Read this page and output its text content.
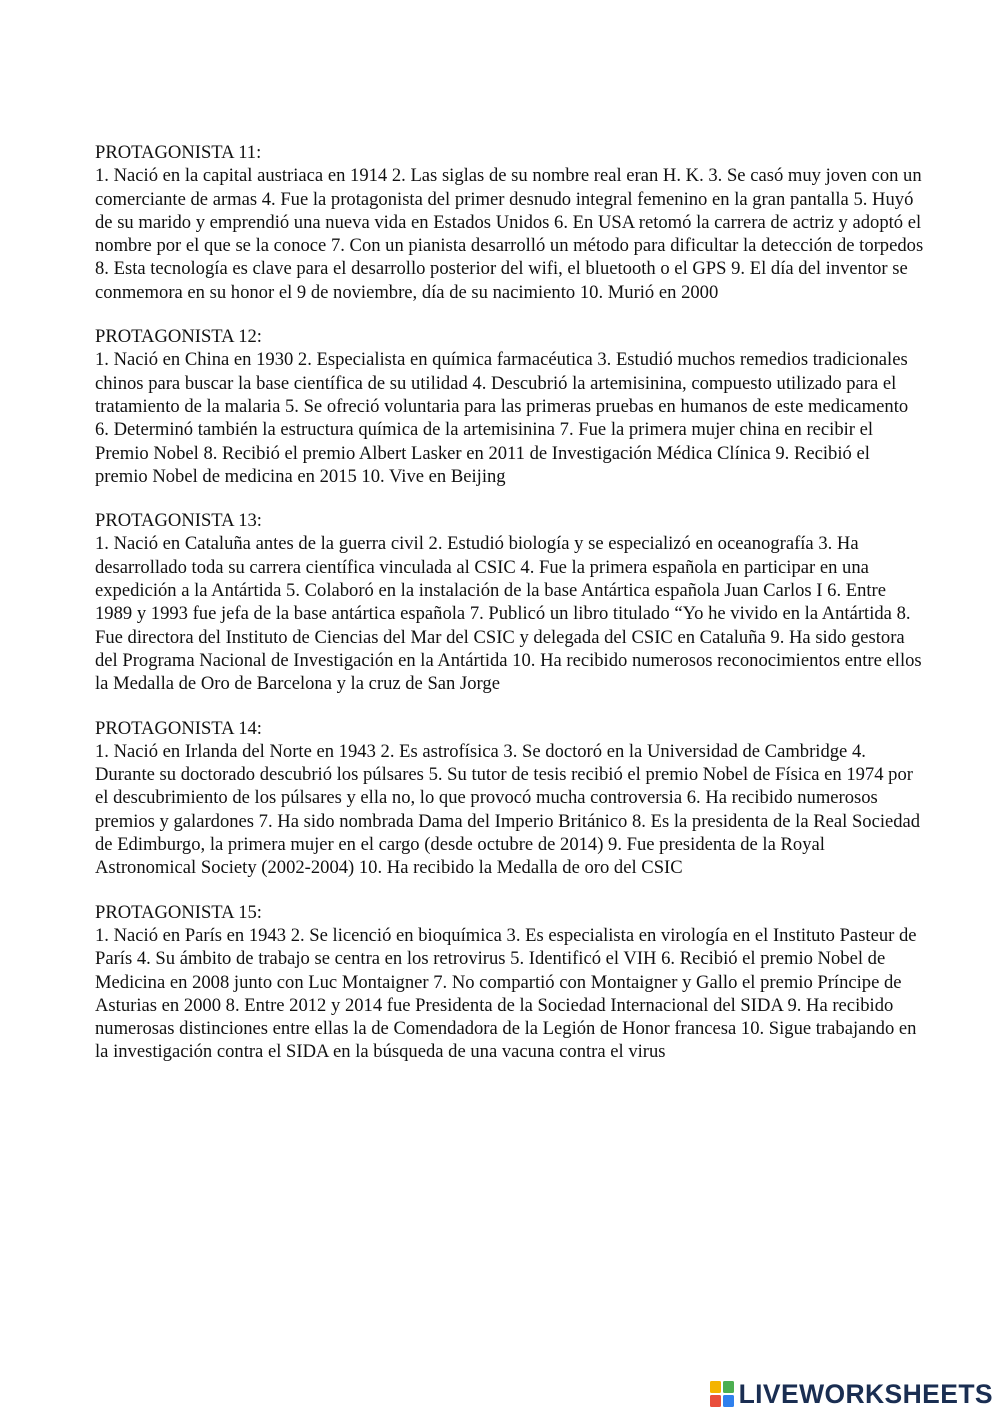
PROTAGONISTA 11:

1. Nació en la capital austriaca en 1914 2. Las siglas de su nombre real eran H. K. 3. Se casó muy joven con un comerciante de armas 4. Fue la protagonista del primer desnudo integral femenino en la gran pantalla 5. Huyó de su marido y emprendió una nueva vida en Estados Unidos 6. En USA retomó la carrera de actriz y adoptó el nombre por el que se la conoce 7. Con un pianista desarrolló un método para dificultar la detección de torpedos 8. Esta tecnología es clave para el desarrollo posterior del wifi, el bluetooth o el GPS 9. El día del inventor se conmemora en su honor el 9 de noviembre, día de su nacimiento 10. Murió en 2000

PROTAGONISTA 12:

1. Nació en China en 1930 2. Especialista en química farmacéutica 3. Estudió muchos remedios tradicionales chinos para buscar la base científica de su utilidad 4. Descubrió la artemisinina, compuesto utilizado para el tratamiento de la malaria 5. Se ofreció voluntaria para las primeras pruebas en humanos de este medicamento 6. Determinó también la estructura química de la artemisinina 7. Fue la primera mujer china en recibir el Premio Nobel 8. Recibió el premio Albert Lasker en 2011 de Investigación Médica Clínica 9. Recibió el premio Nobel de medicina en 2015 10. Vive en Beijing

PROTAGONISTA 13:

1. Nació en Cataluña antes de la guerra civil 2. Estudió biología y se especializó en oceanografía 3. Ha desarrollado toda su carrera científica vinculada al CSIC 4. Fue la primera española en participar en una expedición a la Antártida 5. Colaboró en la instalación de la base Antártica española Juan Carlos I 6. Entre 1989 y 1993 fue jefa de la base antártica española 7. Publicó un libro titulado “Yo he vivido en la Antártida 8. Fue directora del Instituto de Ciencias del Mar del CSIC y delegada del CSIC en Cataluña 9. Ha sido gestora del Programa Nacional de Investigación en la Antártida 10. Ha recibido numerosos reconocimientos entre ellos la Medalla de Oro de Barcelona y la cruz de San Jorge

PROTAGONISTA 14:

1. Nació en Irlanda del Norte en 1943 2. Es astrofísica 3. Se doctoró en la Universidad de Cambridge 4. Durante su doctorado descubrió los púlsares 5. Su tutor de tesis recibió el premio Nobel de Física en 1974 por el descubrimiento de los púlsares y ella no, lo que provocó mucha controversia 6. Ha recibido numerosos premios y galardones 7. Ha sido nombrada Dama del Imperio Británico 8. Es la presidenta de la Real Sociedad de Edimburgo, la primera mujer en el cargo (desde octubre de 2014) 9. Fue presidenta de la Royal Astronomical Society (2002-2004) 10. Ha recibido la Medalla de oro del CSIC

PROTAGONISTA 15:

1. Nació en París en 1943 2. Se licenció en bioquímica 3. Es especialista en virología en el Instituto Pasteur de París 4. Su ámbito de trabajo se centra en los retrovirus 5. Identificó el VIH 6. Recibió el premio Nobel de Medicina en 2008 junto con Luc Montaigner 7. No compartió con Montaigner y Gallo el premio Príncipe de Asturias en 2000 8. Entre 2012 y 2014 fue Presidenta de la Sociedad Internacional del SIDA 9. Ha recibido numerosas distinciones entre ellas la de Comendadora de la Legión de Honor francesa 10. Sigue trabajando en la investigación contra el SIDA en la búsqueda de una vacuna contra el virus

LIVEWORKSHEETS
